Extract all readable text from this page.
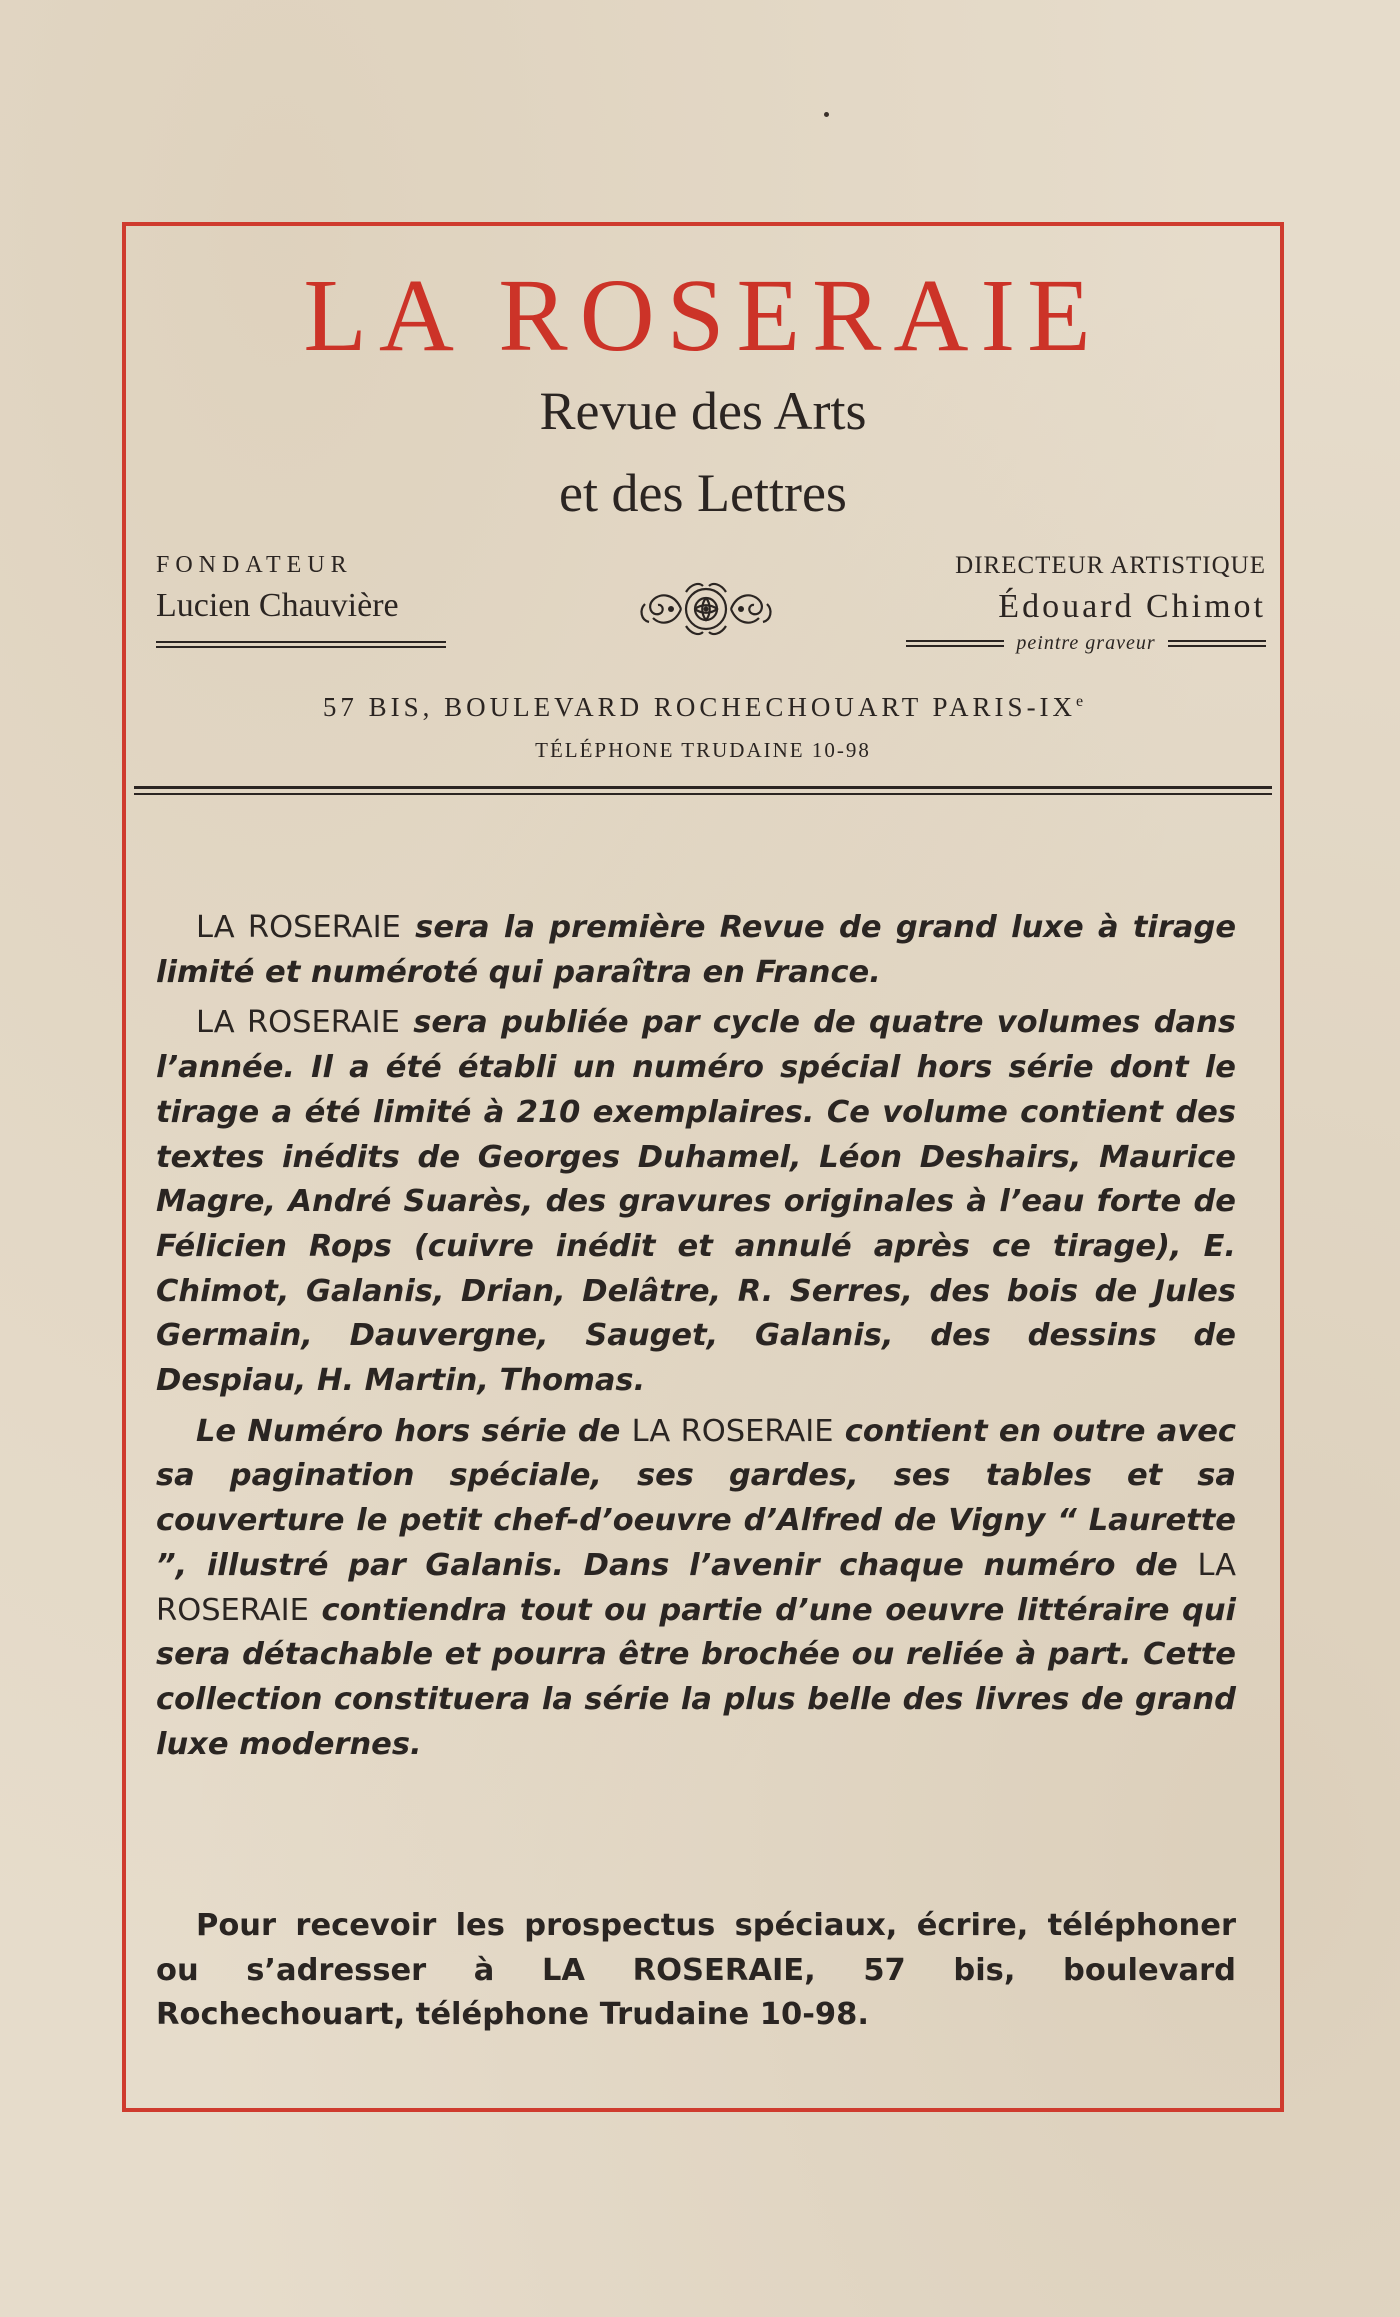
LA ROSERAIE
Revue des Arts
et des Lettres
FONDATEUR
Lucien Chauvière
DIRECTEUR ARTISTIQUE
Édouard Chimot
peintre graveur
57 BIS, BOULEVARD ROCHECHOUART PARIS-IXe
TÉLÉPHONE TRUDAINE 10-98

LA ROSERAIE sera la première Revue de grand luxe à tirage limité et numéroté qui paraîtra en France.

LA ROSERAIE sera publiée par cycle de quatre volumes dans l’année. Il a été établi un numéro spécial hors série dont le tirage a été limité à 210 exemplaires. Ce volume contient des textes inédits de Georges Duhamel, Léon Deshairs, Maurice Magre, André Suarès, des gravures originales à l’eau forte de Félicien Rops (cuivre inédit et annulé après ce tirage), E. Chimot, Galanis, Drian, Delâtre, R. Serres, des bois de Jules Germain, Dauvergne, Sauget, Galanis, des dessins de Despiau, H. Martin, Thomas.

Le Numéro hors série de LA ROSERAIE contient en outre avec sa pagination spéciale, ses gardes, ses tables et sa couverture le petit chef-d’oeuvre d’Alfred de Vigny “ Laurette ”, illustré par Galanis. Dans l’avenir chaque numéro de LA ROSERAIE contiendra tout ou partie d’une oeuvre littéraire qui sera détachable et pourra être brochée ou reliée à part. Cette collection constituera la série la plus belle des livres de grand luxe modernes.

Pour recevoir les prospectus spéciaux, écrire, téléphoner ou s’adresser à LA ROSERAIE, 57 bis, boulevard Rochechouart, téléphone Trudaine 10-98.
